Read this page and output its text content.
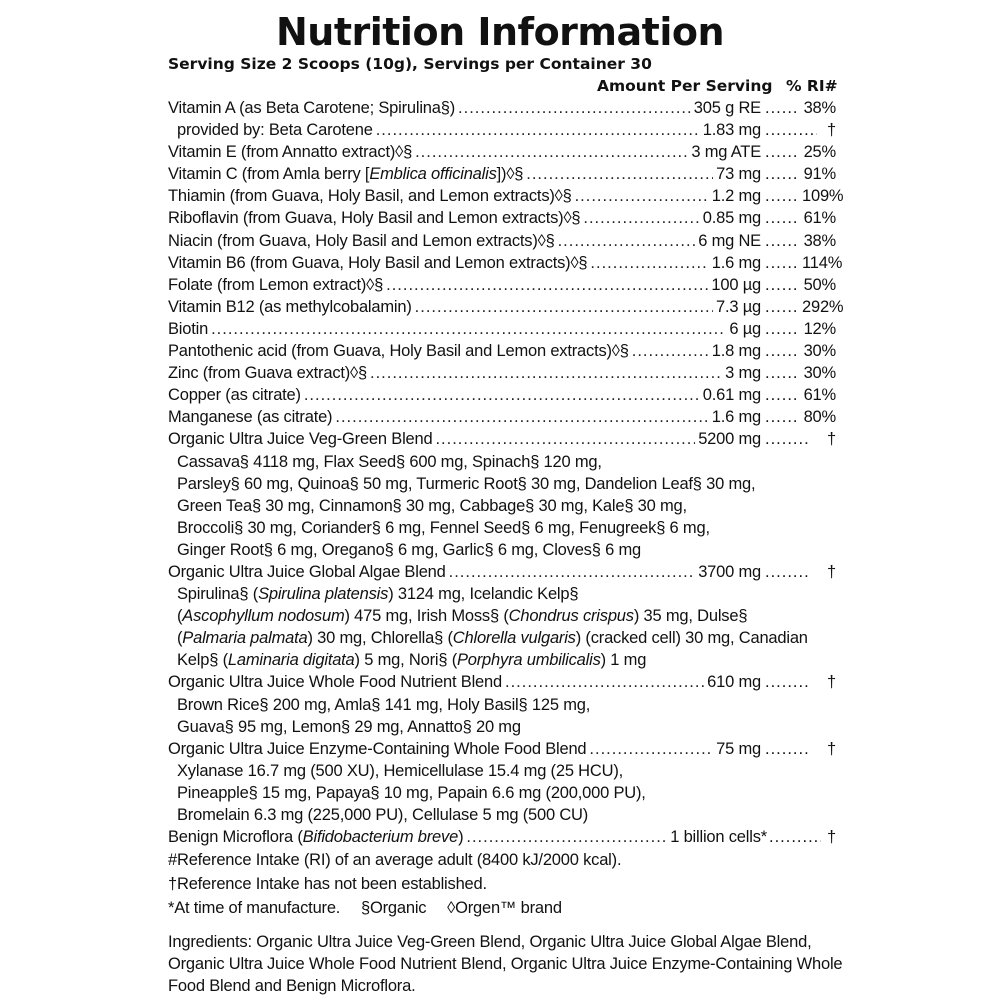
Nutrition Information
Serving Size 2 Scoops (10g), Servings per Container 30
Amount Per Serving % RI#
Vitamin A (as Beta Carotene; Spirulina§) .....	305 g RE .....	38%
provided by: Beta Carotene .....	1.83 mg .....	†
Vitamin E (from Annatto extract)◊§ .....	3 mg ATE .....	25%
Vitamin C (from Amla berry [Emblica officinalis])◊§ .....	73 mg .....	91%
Thiamin (from Guava, Holy Basil, and Lemon extracts)◊§ .....	1.2 mg ..... 109%
Riboflavin (from Guava, Holy Basil and Lemon extracts)◊§ .....	0.85 mg .....	61%
Niacin (from Guava, Holy Basil and Lemon extracts)◊§ .....	6 mg NE .....	38%
Vitamin B6 (from Guava, Holy Basil and Lemon extracts)◊§ .....	1.6 mg ..... 114%
Folate (from Lemon extract)◊§ .....	100 µg .....	50%
Vitamin B12 (as methylcobalamin) .....	7.3 µg ..... 292%
Biotin .....	6 µg .....	12%
Pantothenic acid (from Guava, Holy Basil and Lemon extracts)◊§ .....	1.8 mg .....	30%
Zinc (from Guava extract)◊§ .....	3 mg .....	30%
Copper (as citrate) .....	0.61 mg .....	61%
Manganese (as citrate) .....	1.6 mg .....	80%
Organic Ultra Juice Veg-Green Blend .....	5200 mg .....	†
Cassava§ 4118 mg, Flax Seed§ 600 mg, Spinach§ 120 mg,
Parsley§ 60 mg, Quinoa§ 50 mg, Turmeric Root§ 30 mg, Dandelion Leaf§ 30 mg,
Green Tea§ 30 mg, Cinnamon§ 30 mg, Cabbage§ 30 mg, Kale§ 30 mg,
Broccoli§ 30 mg, Coriander§ 6 mg, Fennel Seed§ 6 mg, Fenugreek§ 6 mg,
Ginger Root§ 6 mg, Oregano§ 6 mg, Garlic§ 6 mg, Cloves§ 6 mg
Organic Ultra Juice Global Algae Blend .....	3700 mg .....	†
Spirulina§ (Spirulina platensis) 3124 mg, Icelandic Kelp§
(Ascophyllum nodosum) 475 mg, Irish Moss§ (Chondrus crispus) 35 mg, Dulse§
(Palmaria palmata) 30 mg, Chlorella§ (Chlorella vulgaris) (cracked cell) 30 mg, Canadian
Kelp§ (Laminaria digitata) 5 mg, Nori§ (Porphyra umbilicalis) 1 mg
Organic Ultra Juice Whole Food Nutrient Blend .....	610 mg .....	†
Brown Rice§ 200 mg, Amla§ 141 mg, Holy Basil§ 125 mg,
Guava§ 95 mg, Lemon§ 29 mg, Annatto§ 20 mg
Organic Ultra Juice Enzyme-Containing Whole Food Blend .....	75 mg .....	†
Xylanase 16.7 mg (500 XU), Hemicellulase 15.4 mg (25 HCU),
Pineapple§ 15 mg, Papaya§ 10 mg, Papain 6.6 mg (200,000 PU),
Bromelain 6.3 mg (225,000 PU), Cellulase 5 mg (500 CU)
Benign Microflora (Bifidobacterium breve) .....	1 billion cells* .....	†
#Reference Intake (RI) of an average adult (8400 kJ/2000 kcal).
†Reference Intake has not been established.
*At time of manufacture. §Organic ◊Orgen™ brand
Ingredients: Organic Ultra Juice Veg-Green Blend, Organic Ultra Juice Global Algae Blend, Organic Ultra Juice Whole Food Nutrient Blend, Organic Ultra Juice Enzyme-Containing Whole Food Blend and Benign Microflora.
